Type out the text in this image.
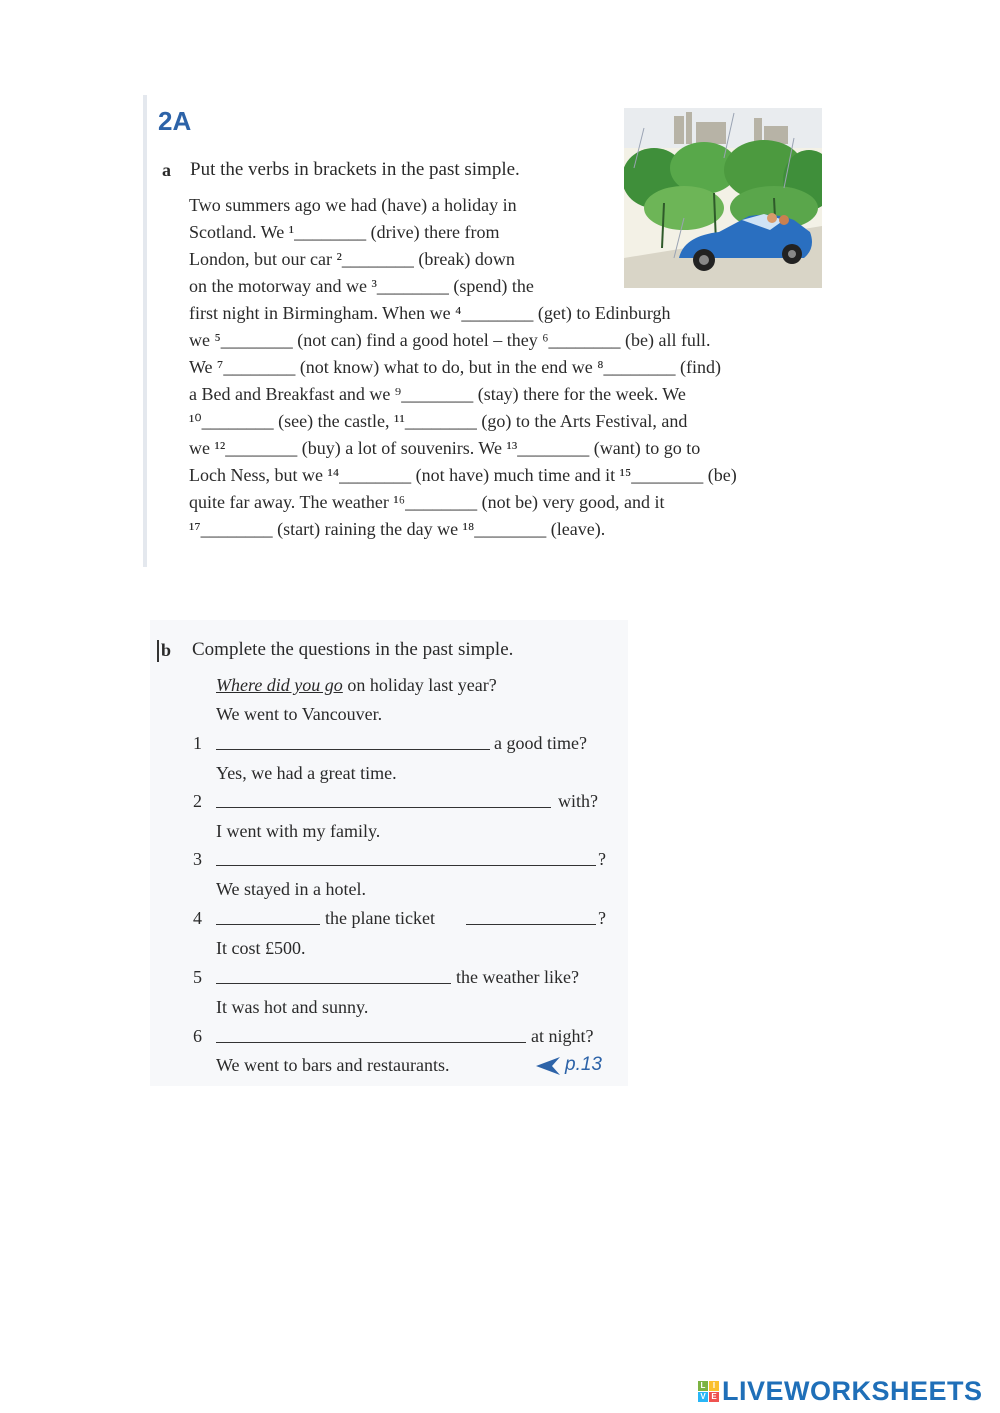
2A
a Put the verbs in brackets in the past simple.
Two summers ago we had (have) a holiday in
Scotland. We ¹________ (drive) there from
London, but our car ²________ (break) down
on the motorway and we ³________ (spend) the
first night in Birmingham. When we ⁴________ (get) to Edinburgh
we ⁵________ (not can) find a good hotel – they ⁶________ (be) all full.
We ⁷________ (not know) what to do, but in the end we ⁸________ (find)
a Bed and Breakfast and we ⁹________ (stay) there for the week. We
¹⁰________ (see) the castle, ¹¹________ (go) to the Arts Festival, and
we ¹²________ (buy) a lot of souvenirs. We ¹³________ (want) to go to
Loch Ness, but we ¹⁴________ (not have) much time and it ¹⁵________ (be)
quite far away. The weather ¹⁶________ (not be) very good, and it
¹⁷________ (start) raining the day we ¹⁸________ (leave).
b Complete the questions in the past simple.
Where did you go on holiday last year?
We went to Vancouver.
1	a good time?
Yes, we had a great time.
2	with?
I went with my family.
3	?
We stayed in a hotel.
4	the plane ticket	?
It cost £500.
5	the weather like?
It was hot and sunny.
6	at night?
We went to bars and restaurants.	p.13
L I
V E LIVEWORKSHEETS
